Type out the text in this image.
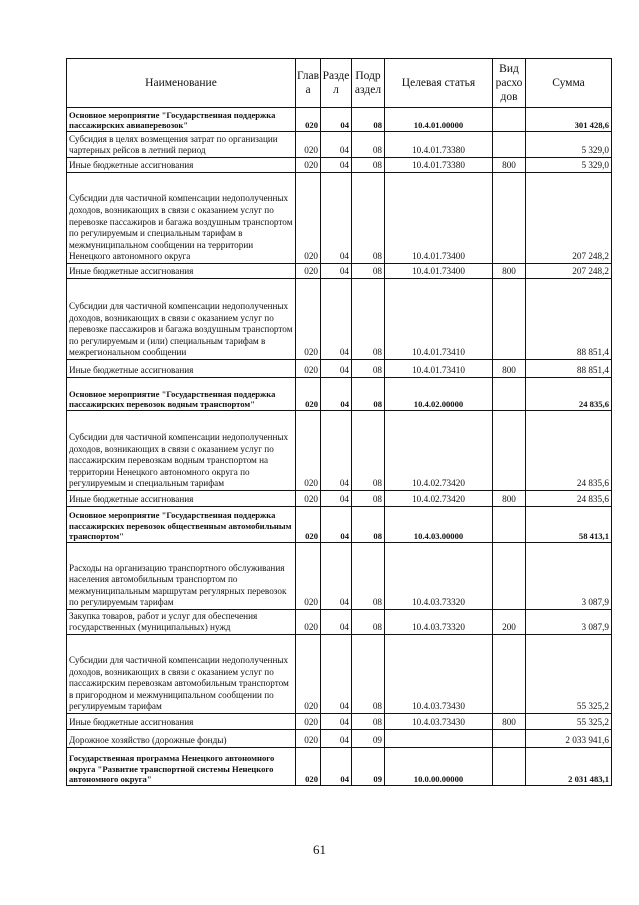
Наименование	Глав а	Разде л	Подр аздел	Целевая статья	Вид расхо дов	Сумма
Основное мероприятие "Государственная поддержка пассажирских авиаперевозок"	020	04	08	10.4.01.00000		301 428,6
Субсидия в целях возмещения затрат по организации чартерных рейсов в летний период	020	04	08	10.4.01.73380		5 329,0
Иные бюджетные ассигнования	020	04	08	10.4.01.73380	800	5 329,0
Субсидии для частичной компенсации недополученных доходов, возникающих в связи с оказанием услуг по перевозке пассажиров и багажа воздушным транспортом по регулируемым и специальным тарифам в межмуниципальном сообщении на территории Ненецкого автономного округа	020	04	08	10.4.01.73400		207 248,2
Иные бюджетные ассигнования	020	04	08	10.4.01.73400	800	207 248,2
Субсидии для частичной компенсации недополученных доходов, возникающих в связи с оказанием услуг по перевозке пассажиров и багажа воздушным транспортом по регулируемым и (или) специальным тарифам в межрегиональном сообщении	020	04	08	10.4.01.73410		88 851,4
Иные бюджетные ассигнования	020	04	08	10.4.01.73410	800	88 851,4
Основное мероприятие "Государственная поддержка пассажирских перевозок водным транспортом"	020	04	08	10.4.02.00000		24 835,6
Субсидии для частичной компенсации недополученных доходов, возникающих в связи с оказанием услуг по пассажирским перевозкам водным транспортом на территории Ненецкого автономного округа по регулируемым и специальным тарифам	020	04	08	10.4.02.73420		24 835,6
Иные бюджетные ассигнования	020	04	08	10.4.02.73420	800	24 835,6
Основное мероприятие "Государственная поддержка пассажирских перевозок общественным автомобильным транспортом"	020	04	08	10.4.03.00000		58 413,1
Расходы на организацию транспортного обслуживания населения автомобильным транспортом по межмуниципальным маршрутам регулярных перевозок по регулируемым тарифам	020	04	08	10.4.03.73320		3 087,9
Закупка товаров, работ и услуг для обеспечения государственных (муниципальных) нужд	020	04	08	10.4.03.73320	200	3 087,9
Субсидии для частичной компенсации недополученных доходов, возникающих в связи с оказанием услуг по пассажирским перевозкам автомобильным транспортом в пригородном и межмуниципальном сообщении по регулируемым тарифам	020	04	08	10.4.03.73430		55 325,2
Иные бюджетные ассигнования	020	04	08	10.4.03.73430	800	55 325,2
Дорожное хозяйство (дорожные фонды)	020	04	09			2 033 941,6
Государственная программа Ненецкого автономного округа "Развитие транспортной системы Ненецкого автономного округа"	020	04	09	10.0.00.00000		2 031 483,1
61
